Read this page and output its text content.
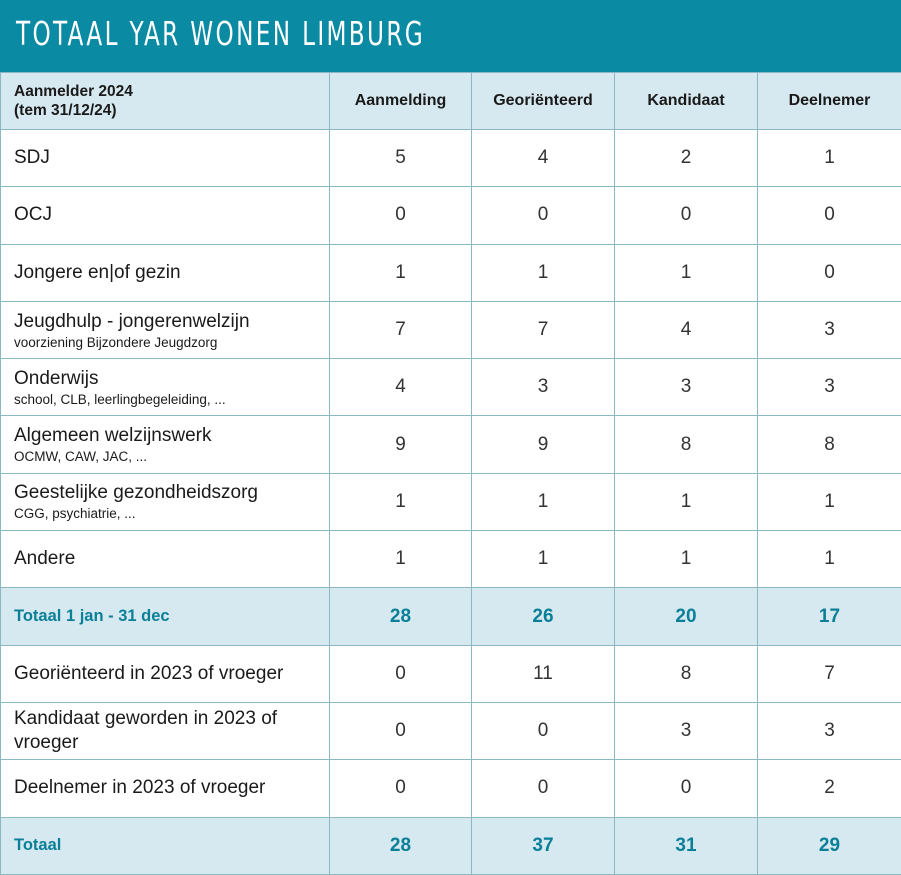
TOTAAL YAR WONEN LIMBURG
Aanmelder 2024
(tem 31/12/24)	Aanmelding	Georiënteerd	Kandidaat	Deelnemer
SDJ	5	4	2	1
OCJ	0	0	0	0
Jongere en|of gezin	1	1	1	0
Jeugdhulp - jongerenwelzijn
voorziening Bijzondere Jeugdzorg	7	7	4	3
Onderwijs
school, CLB, leerlingbegeleiding, ...	4	3	3	3
Algemeen welzijnswerk
OCMW, CAW, JAC, ...	9	9	8	8
Geestelijke gezondheidszorg
CGG, psychiatrie, ...	1	1	1	1
Andere	1	1	1	1
Totaal 1 jan - 31 dec	28	26	20	17
Georiënteerd in 2023 of vroeger	0	11	8	7
Kandidaat geworden in 2023 of vroeger	0	0	3	3
Deelnemer in 2023 of vroeger	0	0	0	2
Totaal	28	37	31	29
